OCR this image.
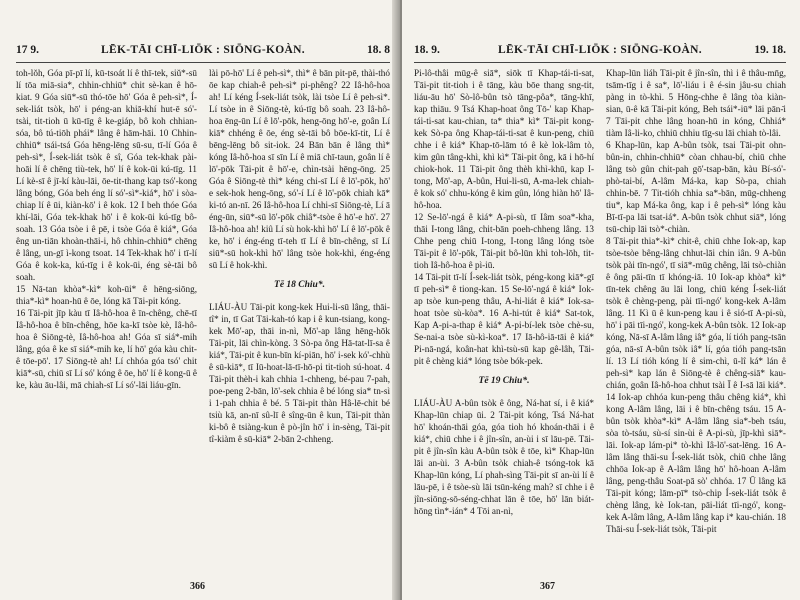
17 9.	LĒK-TĀI CHĪ-LIŌK : SIŌNG-KOÀN.	18. 8

toh-lŏh, Góa pī-pī lí, kū-tsoát lí ê thī-tek, siŭ*-sū lí tōa miā-sia*, chhin-chhiū* chit sè-kan ê hō-kiat. 9 Góa siū*-sū thó-tōe hō' Góa ê peh-sì*, Í-sek-liát tsòk, hō' i péng-an khiā-khí hut-ē só'-tsài, tit-tioh ū kū-tīg ê ke-giáp, bô koh chhian-sóa, bô tú-tiōh phái* lâng ê hām-hāi. 10 Chhin-chhiū* tsái-tsá Góa hēng-lēng sū-su, tī-lí Góa ê peh-sì*, Í-sek-liát tsòk ê sî, Góa tek-khak pài-hoāi lí ê chēng tiù-tek, hō' lí ê kok-ūi kú-tīg. 11 Lí kè-sī ê jī-kí kàu-lāi, ōe-tit-thang kap tsó'-kong lâng bóng, Góa beh éng lí só'-sì*-kiá*, hō' i sòa-chiap lí ê ūi, kiàn-kō' i ê kok. 12 I beh thóe Góa khí-lāi, Góa tek-khak hō' i ê kok-ūi kú-tīg bô-soah. 13 Góa tsòe i ê pē, i tsòe Góa ê kiá*, Góa êng un-tiān khoàn-thāi-i, hô chhin-chhiū* chēng ê lâng, un-gī ì-kong tsoat. 14 Tek-khak hō' i tī-lí Góa ê kok-ka, kú-tīg i ê kok-ūi, éng sè-tāi bô soah.

15 Nā-tan khòa*-kì* koh-ūi* ê hēng-siōng, thia*-kì* hoan-hū ê ōe, lóng kā Tāi-pit kóng.

16 Tāi-pit jīp kàu tī Iâ-hô-hoa ê īn-chêng, chē-tī Iâ-hô-hoa ê bīn-chêng, hōe ka-kī tsòe kè, Iâ-hô-hoa ê Siōng-tè, Iâ-hô-hoa ah! Góa sī siá*-mih lâng, góa ê ke sī siá*-mih ke, lí hō' góa kàu chit-ê tōe-pō'. 17 Siōng-tè ah! Lí chhóa góa tsó' chit kiā*-sū, chiū sī Lí só' kóng ê ōe, hō' lí ê kong-ū ê ke, kàu āu-lâi, mā chiah-sī Lí só'-lāi liáu-gīn.

lài pō-hō' Lí ê peh-sì*, thì* ê bān pit-pē, thài-thó ōe kap chiah-ê peh-sì* pi-phêng? 22 Iâ-hô-hoa ah! Lí kéng Í-sek-liát tsòk, lài tsòe Lí ê peh-sì*. Lí tsòe in ê Siōng-tè, kú-tīg bô soah. 23 Iâ-hô-hoa ēng-ūn Lí ê lō'-pōk, heng-ōng hō'-e, goân Lí kiā* chhéng ê ōe, éng sè-tāi bô bōe-kī-tit, Lí ê bēng-lēng bô sit-iok. 24 Bān bān ê lâng thì* kóng Iâ-hô-hoa sī sīn Lí ê miā chī-taun, goân lí ê lō'-pōk Tāi-pit ê hō'-e, chìn-tsài hēng-ōng. 25 Góa ê Siōng-tè thì* kéng chi-sī Lí ê lō'-pōk, hō' e sek-hok heng-ōng, só'-í Lí ê lō'-pōk chiah kā* ki-tó an-nī. 26 Iâ-hô-hoa Lí chhi-sī Siōng-tè, Lí ā éng-ūn, siū*-sū lō'-pōk chiâ*-tsòe ê hō'-e hō'. 27 Iâ-hô-hoa ah! kiû Lí sù hok-khì hō' Lí ê lō'-pōk ê ke, hō' i éng-éng tī-teh tī Lí ê bīn-chêng, sī Lí siū*-sū hok-khì hō' lâng tsòe hok-khì, éng-éng sū Lí ê hok-khì.

Tē 18 Chiu*.

LIÁU-ÀU Tāi-pit kong-kek Hui-li-sū lâng, thāi-tî* in, tī Gat Tāi-kah-tó kap i ê kun-tsiang, kong-kek Mō'-ap, thāi in-nì, Mō'-ap lâng hēng-hōk Tāi-pit, lāi chìn-kòng. 3 Sò-pa ông Hā-tat-lī-sa ê kiá*, Tāi-pit ê kun-bīn kí-piān, hō' i-sek kó'-chhù ê sū-kiā*, tī Iū-hoat-lā-tī-hō-pi tit-tioh sú-hoat. 4 Tāi-pit thèh-i kah chhia 1-chheng, bé-pau 7-pah, poe-peng 2-bān, lō'-sek chhia ê bé lóng sia* tn-sì i 1-pah chhia ê bé. 5 Tāi-pit thàn Hâ-lē-chit bé tsiù kā, an-nī sû-lī ê sîng-ūn ê kun, Tāi-pit thàn ki-bô ê tsiàng-kun ê pò-jîn hō' i in-sèng, Tāi-pit tî-kiàm ê sū-kiā* 2-bān 2-chheng.

366
18. 9.	LĒK-TĀI CHĪ-LIŌK : SIŌNG-KOÀN.	19. 18.

Pi-lô-thâi mūg-ê siā*, siōk tī Khap-tái-ti-sat, Tāi-pit tit-tioh i ê tāng, kàu bōe thang sng-tit, liáu-āu hō' Sò-lô-bûn tsò tāng-pôa*, tāng-khī, kap thiāu. 9 Tsá Khap-hoat ông Tō-' kap Khap-tái-ti-sat kau-chian, ta* thia* kì* Tāi-pit kong-kek Sò-pa ông Khap-tái-ti-sat ê kun-peng, chiū chhe i ê kiá* Khap-tō-lām tó ê kè lok-lâm tò, kim gûn tâng-khì, khì kì* Tāi-pit ông, kā i hō-hí chiok-hok. 11 Tāi-pit ông thèh khì-khū, kap I-tong, Mō'-ap, A-bûn, Hui-li-sū, A-ma-lek chiah-ê kok só' chhu-kóng ê kim gûn, lóng hiàn hō' Iâ-hô-hoa.

12 Se-lō'-ngá ê kiá* A-pi-sù, tī Iâm soa*-kha, thāi I-tong lâng, chit-bān poeh-chheng lâng. 13 Chhe peng chiū I-tong, I-tong lâng lóng tsòe Tāi-pit ê lō'-pōk, Tāi-pit bô-lūn khì toh-lōh, tit-tioh Iâ-hô-hoa ê pì-iū.

14 Tāi-pit tī-lí Í-sek-liát tsòk, péng-kong kiā*-gī tī peh-sì* ê tiong-kan. 15 Se-lō'-ngá ê kiá* Iok-ap tsòe kun-peng thâu, A-hi-liát ê kiá* Iok-sa-hoat tsòe sù-kòa*. 16 A-hi-tút ê kiá* Sat-tok, Kap A-pi-a-thap ê kiá* A-pi-bí-lek tsòe chè-su, Se-nai-a tsòe sù-kì-koa*. 17 Iā-hô-iā-tāi ê kiá* Pi-nā-ngá, koân-hat khì-tsù-sū kap gê-lâh, Tāi-pit ê chèng kiá* lóng tsòe bók-pek.

Tē 19 Chiu*.

LIÁU-ÀU A-bûn tsòk ê ông, Ná-hat sí, i ê kiá* Khap-lūn chiap ūi. 2 Tāi-pit kóng, Tsá Ná-hat hō' khoán-thāi góa, góa tioh hó khoán-thāi i ê kiá*, chiū chhe i ê jîn-sîn, an-ùi i sī lāu-pē. Tāi-pit ê jîn-sîn kàu A-bûn tsòk ê tōe, kì* Khap-lūn lāi an-ùi. 3 A-bûn tsòk chiah-ê tsóng-tok kā Khap-lūn kóng, Lí phah-sìng Tāi-pit sī an-ùi lí ê lāu-pē, i ê tsòe-sù lāi tsūn-kéng mah? sī chhe i ê jîn-siōng-sō-séng-chhat lān ê tōe, hō' lān biát-hōng tìn*-ián* 4 Tōi an-nì,

Khap-lūn liáh Tāi-pit ê jîn-sîn, thì i ê thâu-mn̄g, tsām-tīg i ê sa*, lō'-liáu i ê é-sin jâu-su chiah pàng in tò-khì. 5 Hōng-chhe ê lâng tòa kiàn-sian, ū-ê kā Tāi-pit kóng, Beh tsái*-iū* lāi pān-̄i 7 Tāi-pit chhe lâng hoan-hū in kóng, Chhiá* tiàm Iâ-li-ko, chhiū chhiu tīg-su lāi chiah tò-lâi.

6 Khap-lūn, kap A-bûn tsòk, tsai Tāi-pit ohn-bûn-in, chhin-chhiū* còan chhau-bí, chiū chhe lâng tsò gûn chit-pah gō'-tsap-bān, kàu Bí-só'-phò-tai-bí, A-lâm Má-ka, kap Sò-pa, chiah chhin-bē. 7 Tit-tióh chhia sa*-bān, mūg-chheng tiu*, kap Má-ka ông, kap i ê peh-sì* lóng kàu Bī-tī-pa lāi tsat-iá*. A-bûn tsòk chhut siā*, lóng tsū-chip lāi tsò*-chiàn.

8 Tāi-pit thia*-kì* chit-ê, chiū chhe Iok-ap, kap tsòe-tsòe bêng-lâng chhut-lāi chin iân. 9 A-bûn tsòk pài tīn-ngó', tī siā*-mūg chêng, lāi tsò-chiàn ê ông pāi-tīn tī khóng-iā. 10 Iok-ap khòa* kì* tīn-tek chêng āu lāi long, chiū kéng Í-sek-liát tsòk ê chèng-peng, pài tīi-ngó' kong-kek A-lâm lâng. 11 Kì ū ê kun-peng kau i ê sió-tī A-pi-sù, hō' i pāi tīi-ngó', kong-kek A-bûn tsòk. 12 Iok-ap kóng, Nā-sī A-lâm lâng iâ* góa, lí tióh pang-tsān góa, nā-sī A-bûn tsòk iâ* lí, góa tióh pang-tsān lí. 13 Lí tióh kóng lí ê sim-chì, ū-lî ká* lán ê peh-sì* kap lán ê Siōng-tè ê chêng-siā* kau-chián, goân Iâ-hô-hoa chhut tsài Ī ê I-sā lāi kiá*. 14 Iok-ap chhóa kun-peng thâu chêng kiá*, khì kong A-lâm lâng, lāi i ê bīn-chêng tsáu. 15 A-bûn tsòk khòa*-kì* A-lâm lâng sia*-beh tsáu, sòa tò-tsáu, sù-sí sin-ùi ê A-pi-sù, jīp-khì siā*-lāi. Iok-ap lám-pi* tò-khì Iâ-lō'-sat-lēng. 16 A-lâm lâng thāi-su Í-sek-liát tsòk, chiū chhe lâng chhōa Iok-ap ê A-lâm lâng hō' hô-hoan A-lâm lâng, peng-thâu Soat-pā sò' chhóa. 17 Ū lâng kā Tāi-pit kóng; lām-pī* tsò-chip Í-sek-liát tsòk ê chèng lâng, kè Iok-tan, pāi-liát tīi-ngó', kong-kek A-lâm lâng, A-lâm lâng kap i* kau-chián. 18 Thāi-su Í-sek-liát tsòk, Tāi-pit

367
